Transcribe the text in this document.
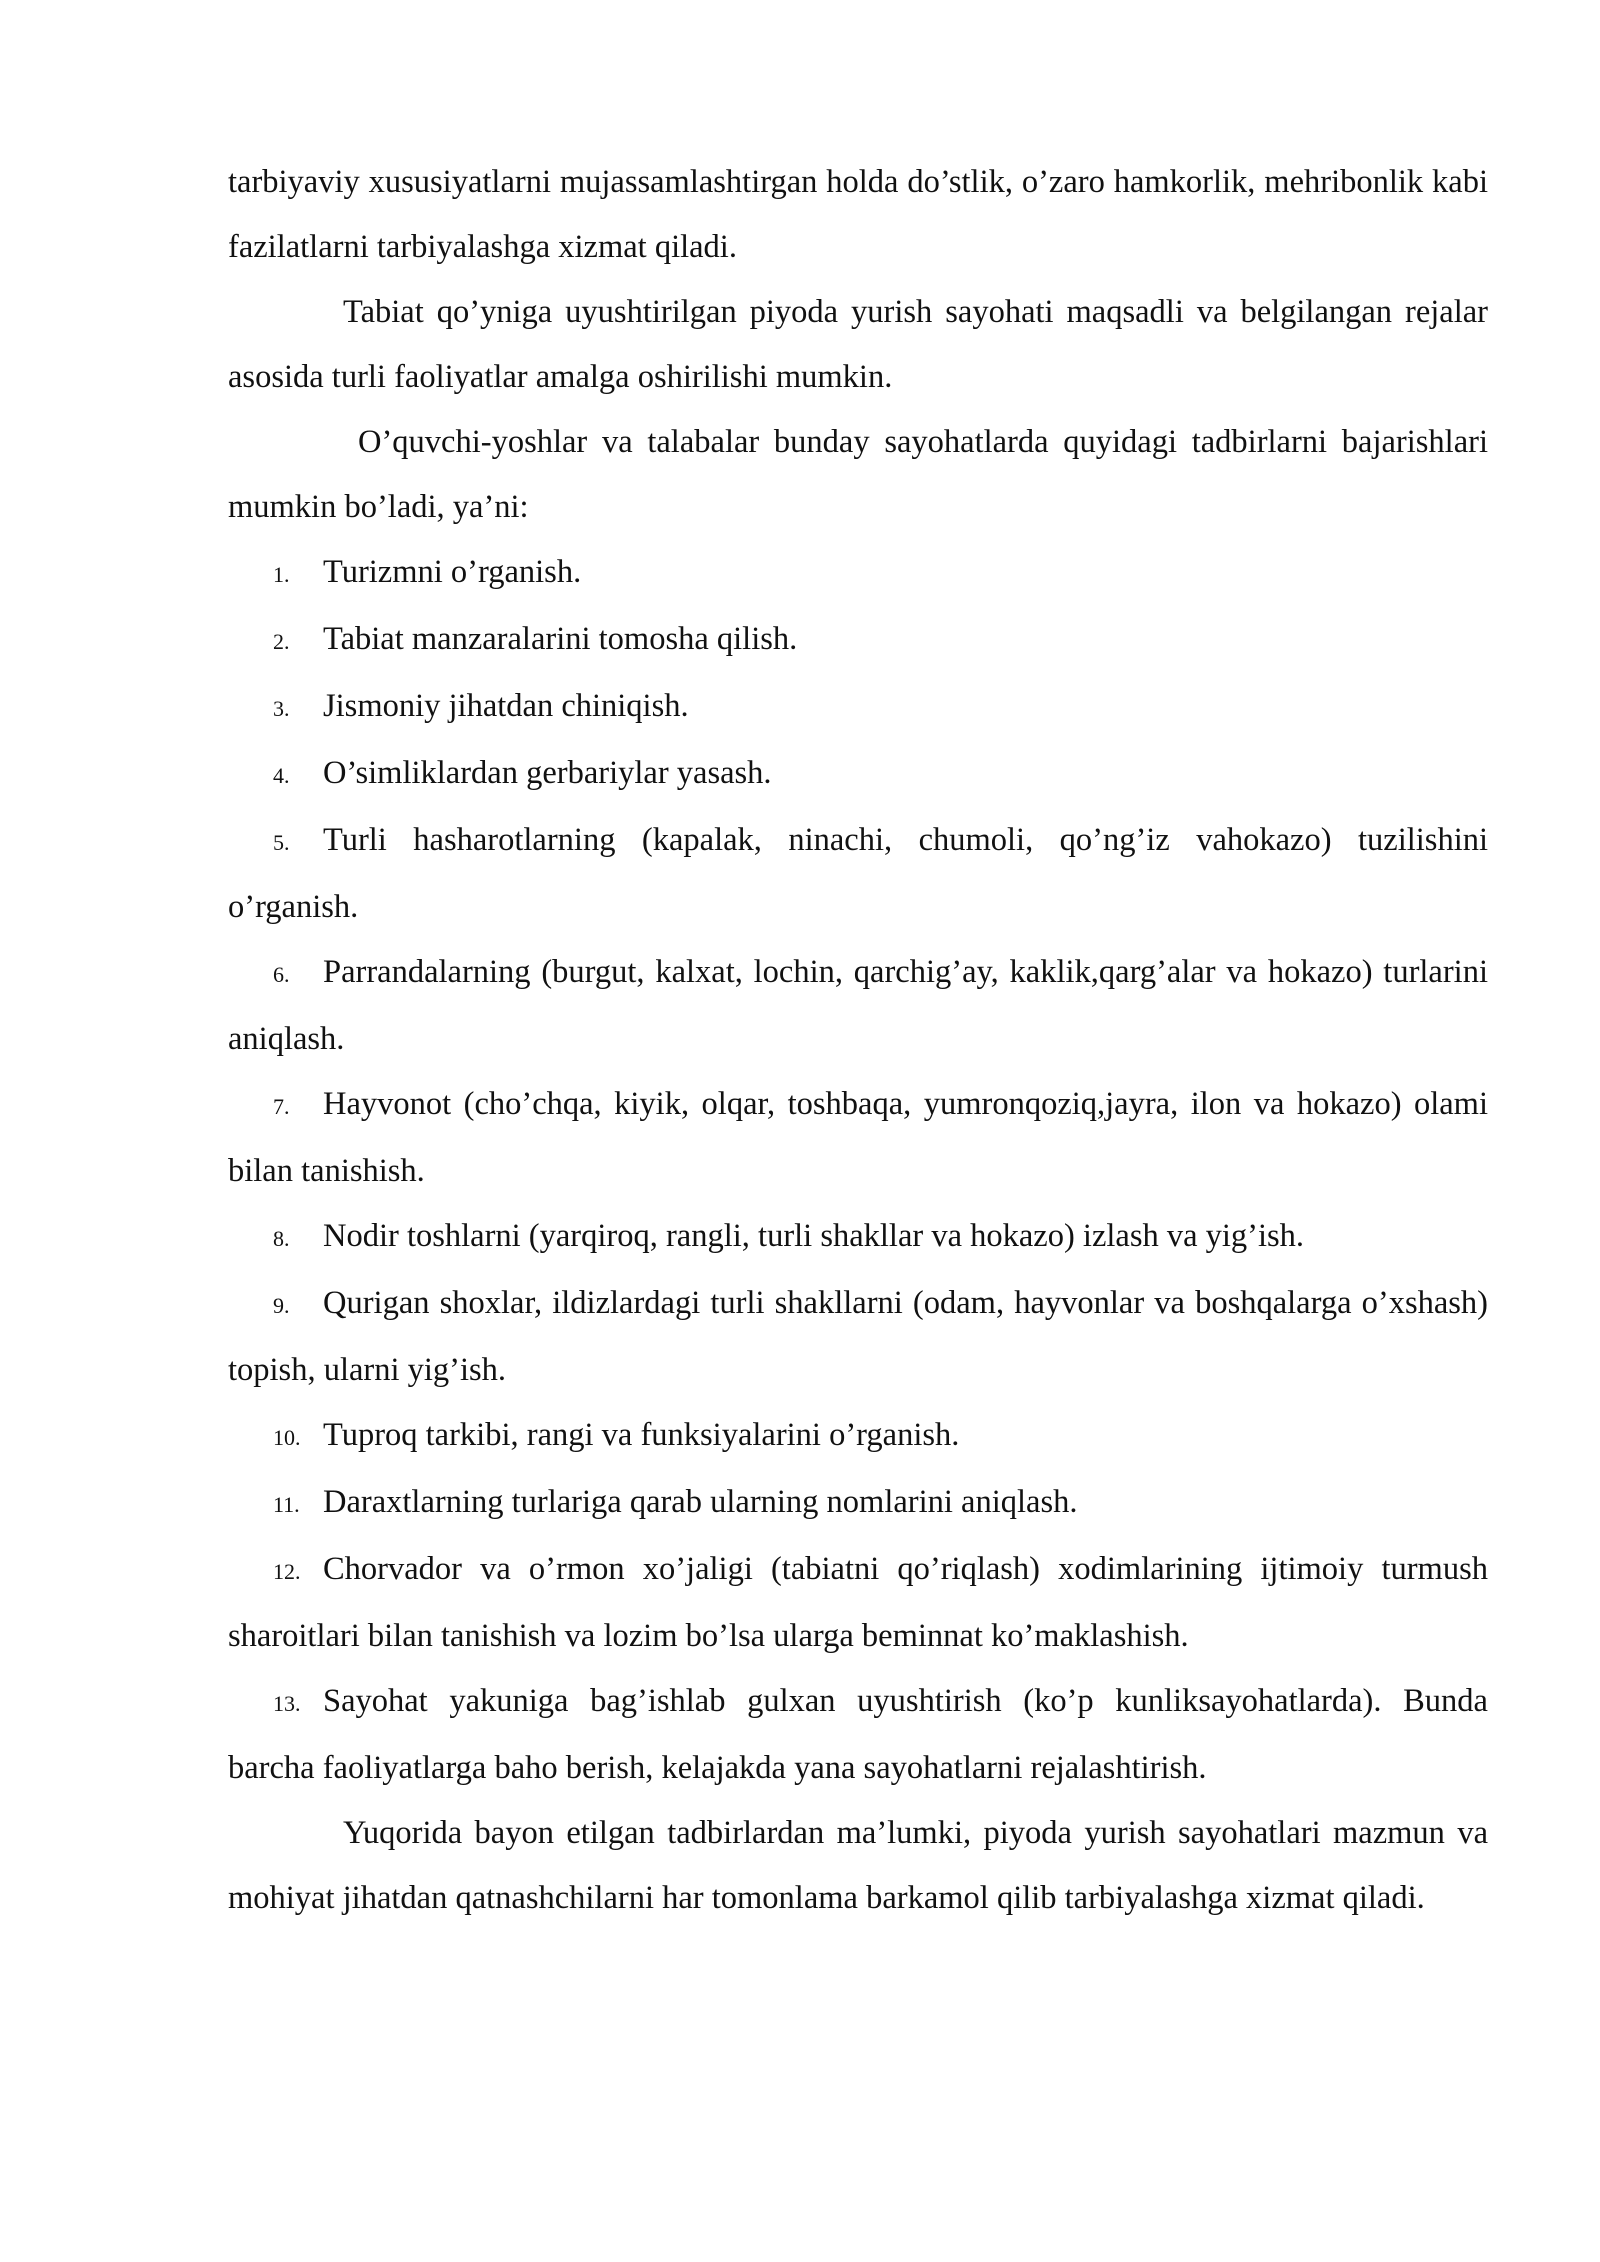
tarbiyaviy xususiyatlarni mujassamlashtirgan holda do’stlik, o’zaro hamkorlik, mehribonlik kabi fazilatlarni tarbiyalashga xizmat qiladi.

Tabiat qo’yniga uyushtirilgan piyoda yurish sayohati maqsadli va belgilangan rejalar asosida turli faoliyatlar amalga oshirilishi mumkin.

O’quvchi-yoshlar va talabalar bunday sayohatlarda quyidagi tadbirlarni bajarishlari mumkin bo’ladi, ya’ni:

1. Turizmni o’rganish.

2. Tabiat manzaralarini tomosha qilish.

3. Jismoniy jihatdan chiniqish.

4. O’simliklardan gerbariylar yasash.

5. Turli hasharotlarning (kapalak, ninachi, chumoli, qo’ng’iz vahokazo) tuzilishini o’rganish.

6. Parrandalarning (burgut, kalxat, lochin, qarchig’ay, kaklik,qarg’alar va hokazo) turlarini aniqlash.

7. Hayvonot (cho’chqa, kiyik, olqar, toshbaqa, yumronqoziq,jayra, ilon va hokazo) olami bilan tanishish.

8. Nodir toshlarni (yarqiroq, rangli, turli shakllar va hokazo) izlash va yig’ish.

9. Qurigan shoxlar, ildizlardagi turli shakllarni (odam, hayvonlar va boshqalarga o’xshash) topish, ularni yig’ish.

10. Tuproq tarkibi, rangi va funksiyalarini o’rganish.

11. Daraxtlarning turlariga qarab ularning nomlarini aniqlash.

12. Chorvador va o’rmon xo’jaligi (tabiatni qo’riqlash) xodimlarining ijtimoiy turmush sharoitlari bilan tanishish va lozim bo’lsa ularga beminnat ko’maklashish.

13. Sayohat yakuniga bag’ishlab gulxan uyushtirish (ko’p kunliksayohatlarda). Bunda barcha faoliyatlarga baho berish, kelajakda yana sayohatlarni rejalashtirish.

Yuqorida bayon etilgan tadbirlardan ma’lumki, piyoda yurish sayohatlari mazmun va mohiyat jihatdan qatnashchilarni har tomonlama barkamol qilib tarbiyalashga xizmat qiladi.
